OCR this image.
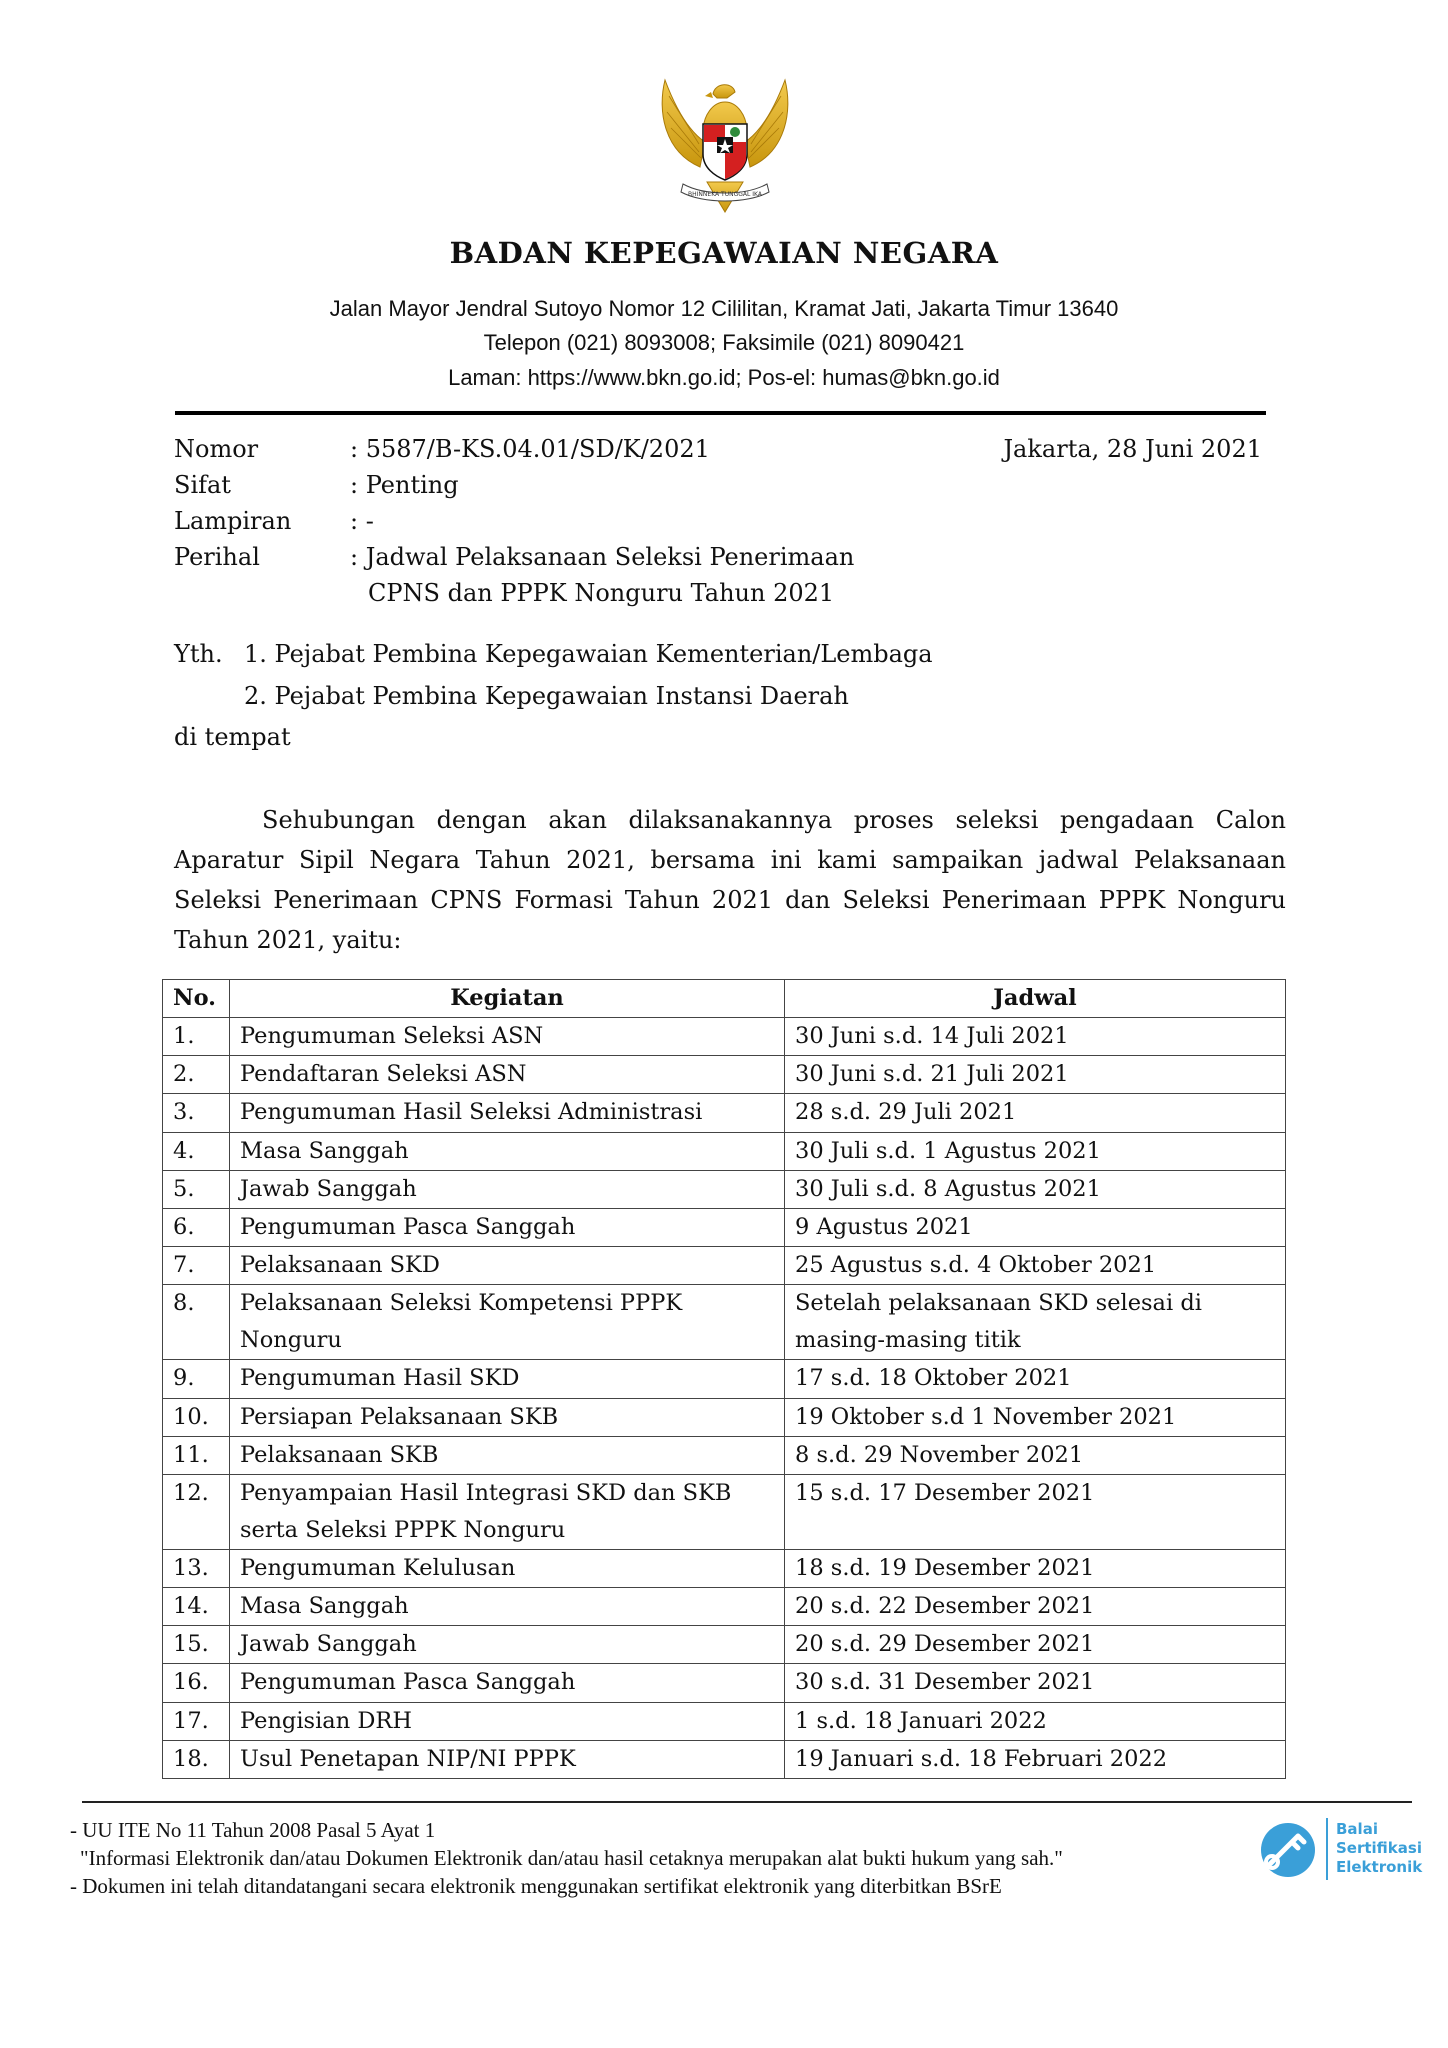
BHINNEKA TUNGGAL IKA
BADAN KEPEGAWAIAN NEGARA
Jalan Mayor Jendral Sutoyo Nomor 12 Cililitan, Kramat Jati, Jakarta Timur 13640
Telepon (021) 8093008; Faksimile (021) 8090421
Laman: https://www.bkn.go.id; Pos-el: humas@bkn.go.id
Nomor	: 5587/B-KS.04.01/SD/K/2021	Jakarta, 28 Juni 2021
Sifat	: Penting
Lampiran : -
Perihal	: Jadwal Pelaksanaan Seleksi Penerimaan
CPNS dan PPPK Nonguru Tahun 2021
Yth. 1. Pejabat Pembina Kepegawaian Kementerian/Lembaga
2. Pejabat Pembina Kepegawaian Instansi Daerah
di tempat
Sehubungan dengan akan dilaksanakannya proses seleksi pengadaan Calon Aparatur Sipil Negara Tahun 2021, bersama ini kami sampaikan jadwal Pelaksanaan Seleksi Penerimaan CPNS Formasi Tahun 2021 dan Seleksi Penerimaan PPPK Nonguru Tahun 2021, yaitu:
No.	Kegiatan	Jadwal
1.	Pengumuman Seleksi ASN	30 Juni s.d. 14 Juli 2021
2.	Pendaftaran Seleksi ASN	30 Juni s.d. 21 Juli 2021
3.	Pengumuman Hasil Seleksi Administrasi	28 s.d. 29 Juli 2021
4.	Masa Sanggah	30 Juli s.d. 1 Agustus 2021
5.	Jawab Sanggah	30 Juli s.d. 8 Agustus 2021
6.	Pengumuman Pasca Sanggah	9 Agustus 2021
7.	Pelaksanaan SKD	25 Agustus s.d. 4 Oktober 2021
8.	Pelaksanaan Seleksi Kompetensi PPPK Nonguru	Setelah pelaksanaan SKD selesai di masing-masing titik
9.	Pengumuman Hasil SKD	17 s.d. 18 Oktober 2021
10.	Persiapan Pelaksanaan SKB	19 Oktober s.d 1 November 2021
11.	Pelaksanaan SKB	8 s.d. 29 November 2021
12.	Penyampaian Hasil Integrasi SKD dan SKB serta Seleksi PPPK Nonguru	15 s.d. 17 Desember 2021
13.	Pengumuman Kelulusan	18 s.d. 19 Desember 2021
14.	Masa Sanggah	20 s.d. 22 Desember 2021
15.	Jawab Sanggah	20 s.d. 29 Desember 2021
16.	Pengumuman Pasca Sanggah	30 s.d. 31 Desember 2021
17.	Pengisian DRH	1 s.d. 18 Januari 2022
18.	Usul Penetapan NIP/NI PPPK	19 Januari s.d. 18 Februari 2022
- UU ITE No 11 Tahun 2008 Pasal 5 Ayat 1
"Informasi Elektronik dan/atau Dokumen Elektronik dan/atau hasil cetaknya merupakan alat bukti hukum yang sah."
- Dokumen ini telah ditandatangani secara elektronik menggunakan sertifikat elektronik yang diterbitkan BSrE
Balai
Sertifikasi
Elektronik
